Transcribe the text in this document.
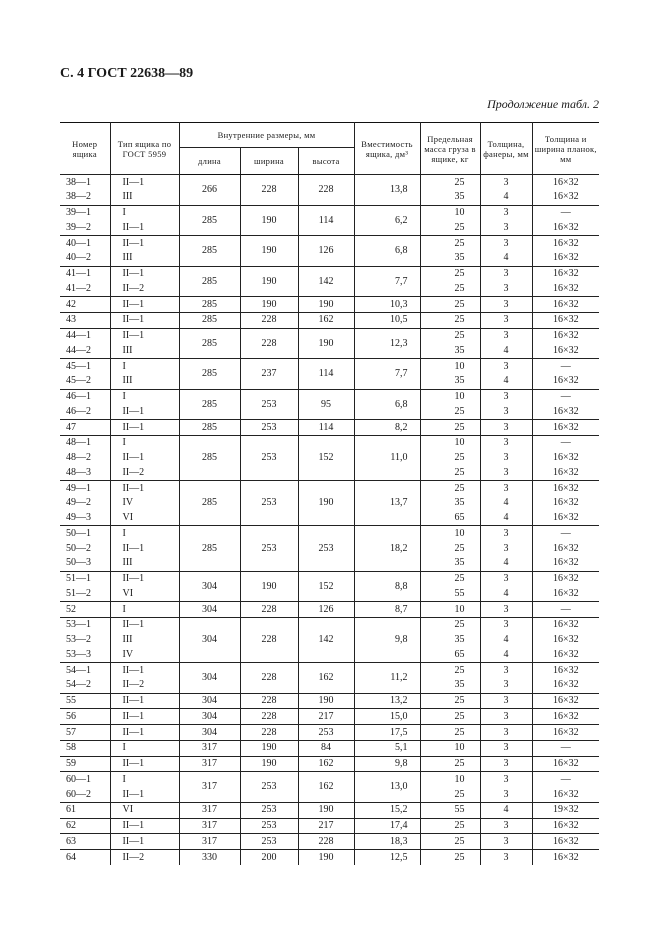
С. 4 ГОСТ 22638—89
Продолжение табл. 2
Номер ящика	Тип ящика по ГОСТ 5959	Внутренние размеры, мм			Вместимость ящика, дм³	Предельная масса груза в ящике, кг	Толщина, фанеры, мм	Толщина и ширина планок, мм
		длина	ширина	высота				
38—1	II—1	266	228	228	13,8	25	3	16×32
38—2	III					35	4	16×32
39—1	I	285	190	114	6,2	10	3	—
39—2	II—1					25	3	16×32
40—1	II—1	285	190	126	6,8	25	3	16×32
40—2	III					35	4	16×32
41—1	II—1	285	190	142	7,7	25	3	16×32
41—2	II—2					25	3	16×32
42	II—1	285	190	190	10,3	25	3	16×32
43	II—1	285	228	162	10,5	25	3	16×32
44—1	II—1	285	228	190	12,3	25	3	16×32
44—2	III					35	4	16×32
45—1	I	285	237	114	7,7	10	3	—
45—2	III					35	4	16×32
46—1	I	285	253	95	6,8	10	3	—
46—2	II—1					25	3	16×32
47	II—1	285	253	114	8,2	25	3	16×32
48—1	I	285	253	152	11,0	10	3	—
48—2	II—1					25	3	16×32
48—3	II—2					25	3	16×32
49—1	II—1	285	253	190	13,7	25	3	16×32
49—2	IV					35	4	16×32
49—3	VI					65	4	16×32
50—1	I	285	253	253	18,2	10	3	—
50—2	II—1					25	3	16×32
50—3	III					35	4	16×32
51—1	II—1	304	190	152	8,8	25	3	16×32
51—2	VI					55	4	16×32
52	I	304	228	126	8,7	10	3	—
53—1	II—1	304	228	142	9,8	25	3	16×32
53—2	III					35	4	16×32
53—3	IV					65	4	16×32
54—1	II—1	304	228	162	11,2	25	3	16×32
54—2	II—2					35	3	16×32
55	II—1	304	228	190	13,2	25	3	16×32
56	II—1	304	228	217	15,0	25	3	16×32
57	II—1	304	228	253	17,5	25	3	16×32
58	I	317	190	84	5,1	10	3	—
59	II—1	317	190	162	9,8	25	3	16×32
60—1	I	317	253	162	13,0	10	3	—
60—2	II—1					25	3	16×32
61	VI	317	253	190	15,2	55	4	19×32
62	II—1	317	253	217	17,4	25	3	16×32
63	II—1	317	253	228	18,3	25	3	16×32
64	II—2	330	200	190	12,5	25	3	16×32
